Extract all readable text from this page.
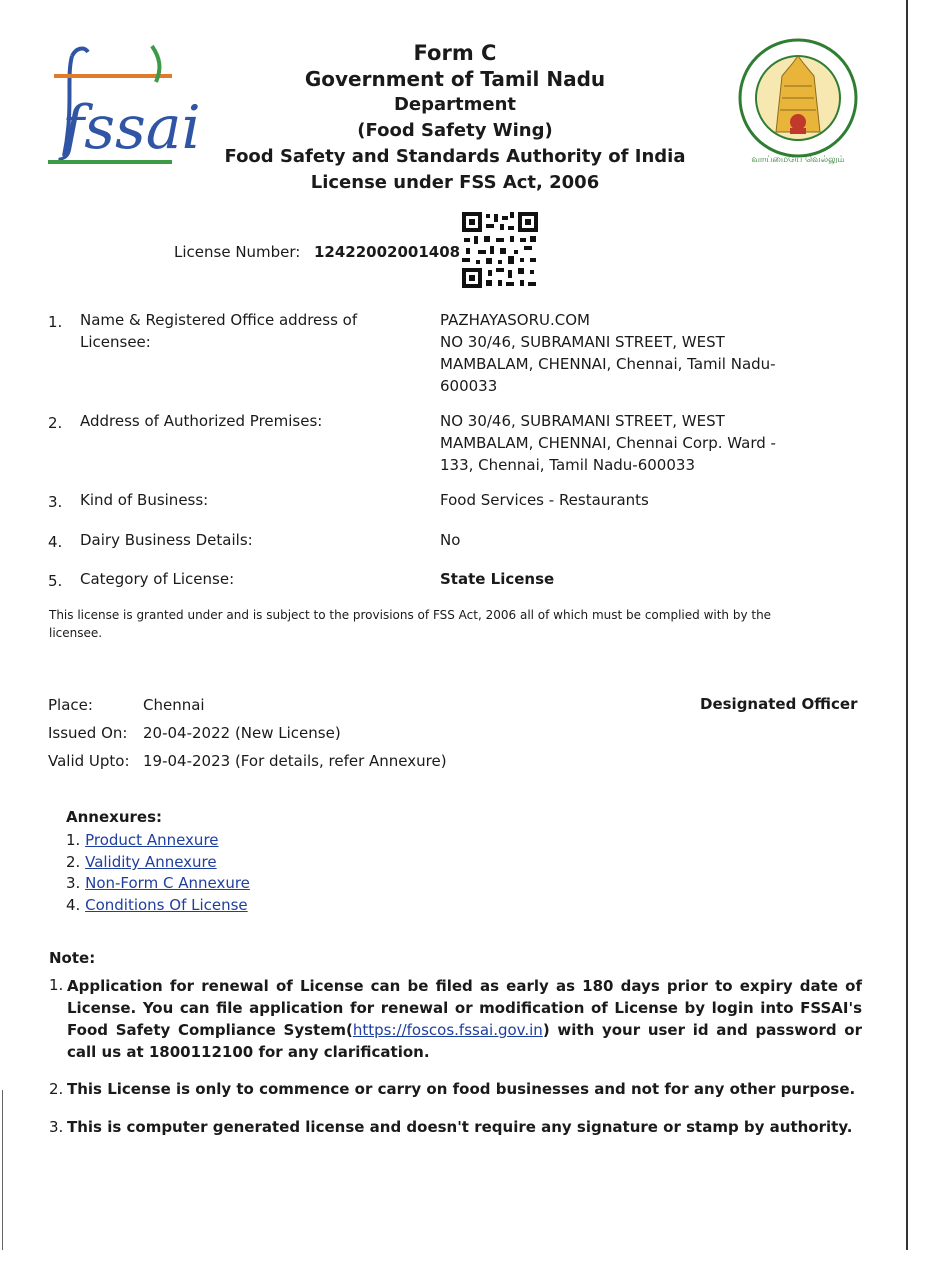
fssai
Form C
Government of Tamil Nadu
Department
(Food Safety Wing)
Food Safety and Standards Authority of India
License under FSS Act, 2006
வாய்மையே வெல்லும்
License Number: 12422002001408
1. Name & Registered Office address of Licensee:
PAZHAYASORU.COM
NO 30/46, SUBRAMANI STREET, WEST MAMBALAM, CHENNAI, Chennai, Tamil Nadu-600033
2. Address of Authorized Premises:	NO 30/46, SUBRAMANI STREET, WEST MAMBALAM, CHENNAI, Chennai Corp. Ward - 133, Chennai, Tamil Nadu-600033
3. Kind of Business:	Food Services - Restaurants
4. Dairy Business Details:	No
5. Category of License:	State License
This license is granted under and is subject to the provisions of FSS Act, 2006 all of which must be complied with by the licensee.
Place:	Chennai	Designated Officer
Issued On: 20-04-2022 (New License)
Valid Upto: 19-04-2023 (For details, refer Annexure)
Annexures:
1. Product Annexure
2. Validity Annexure
3. Non-Form C Annexure
4. Conditions Of License
Note:
1. Application for renewal of License can be filed as early as 180 days prior to expiry date of License. You can file application for renewal or modification of License by login into FSSAI's Food Safety Compliance System(https://foscos.fssai.gov.in) with your user id and password or call us at 1800112100 for any clarification.
2. This License is only to commence or carry on food businesses and not for any other purpose.
3. This is computer generated license and doesn't require any signature or stamp by authority.
